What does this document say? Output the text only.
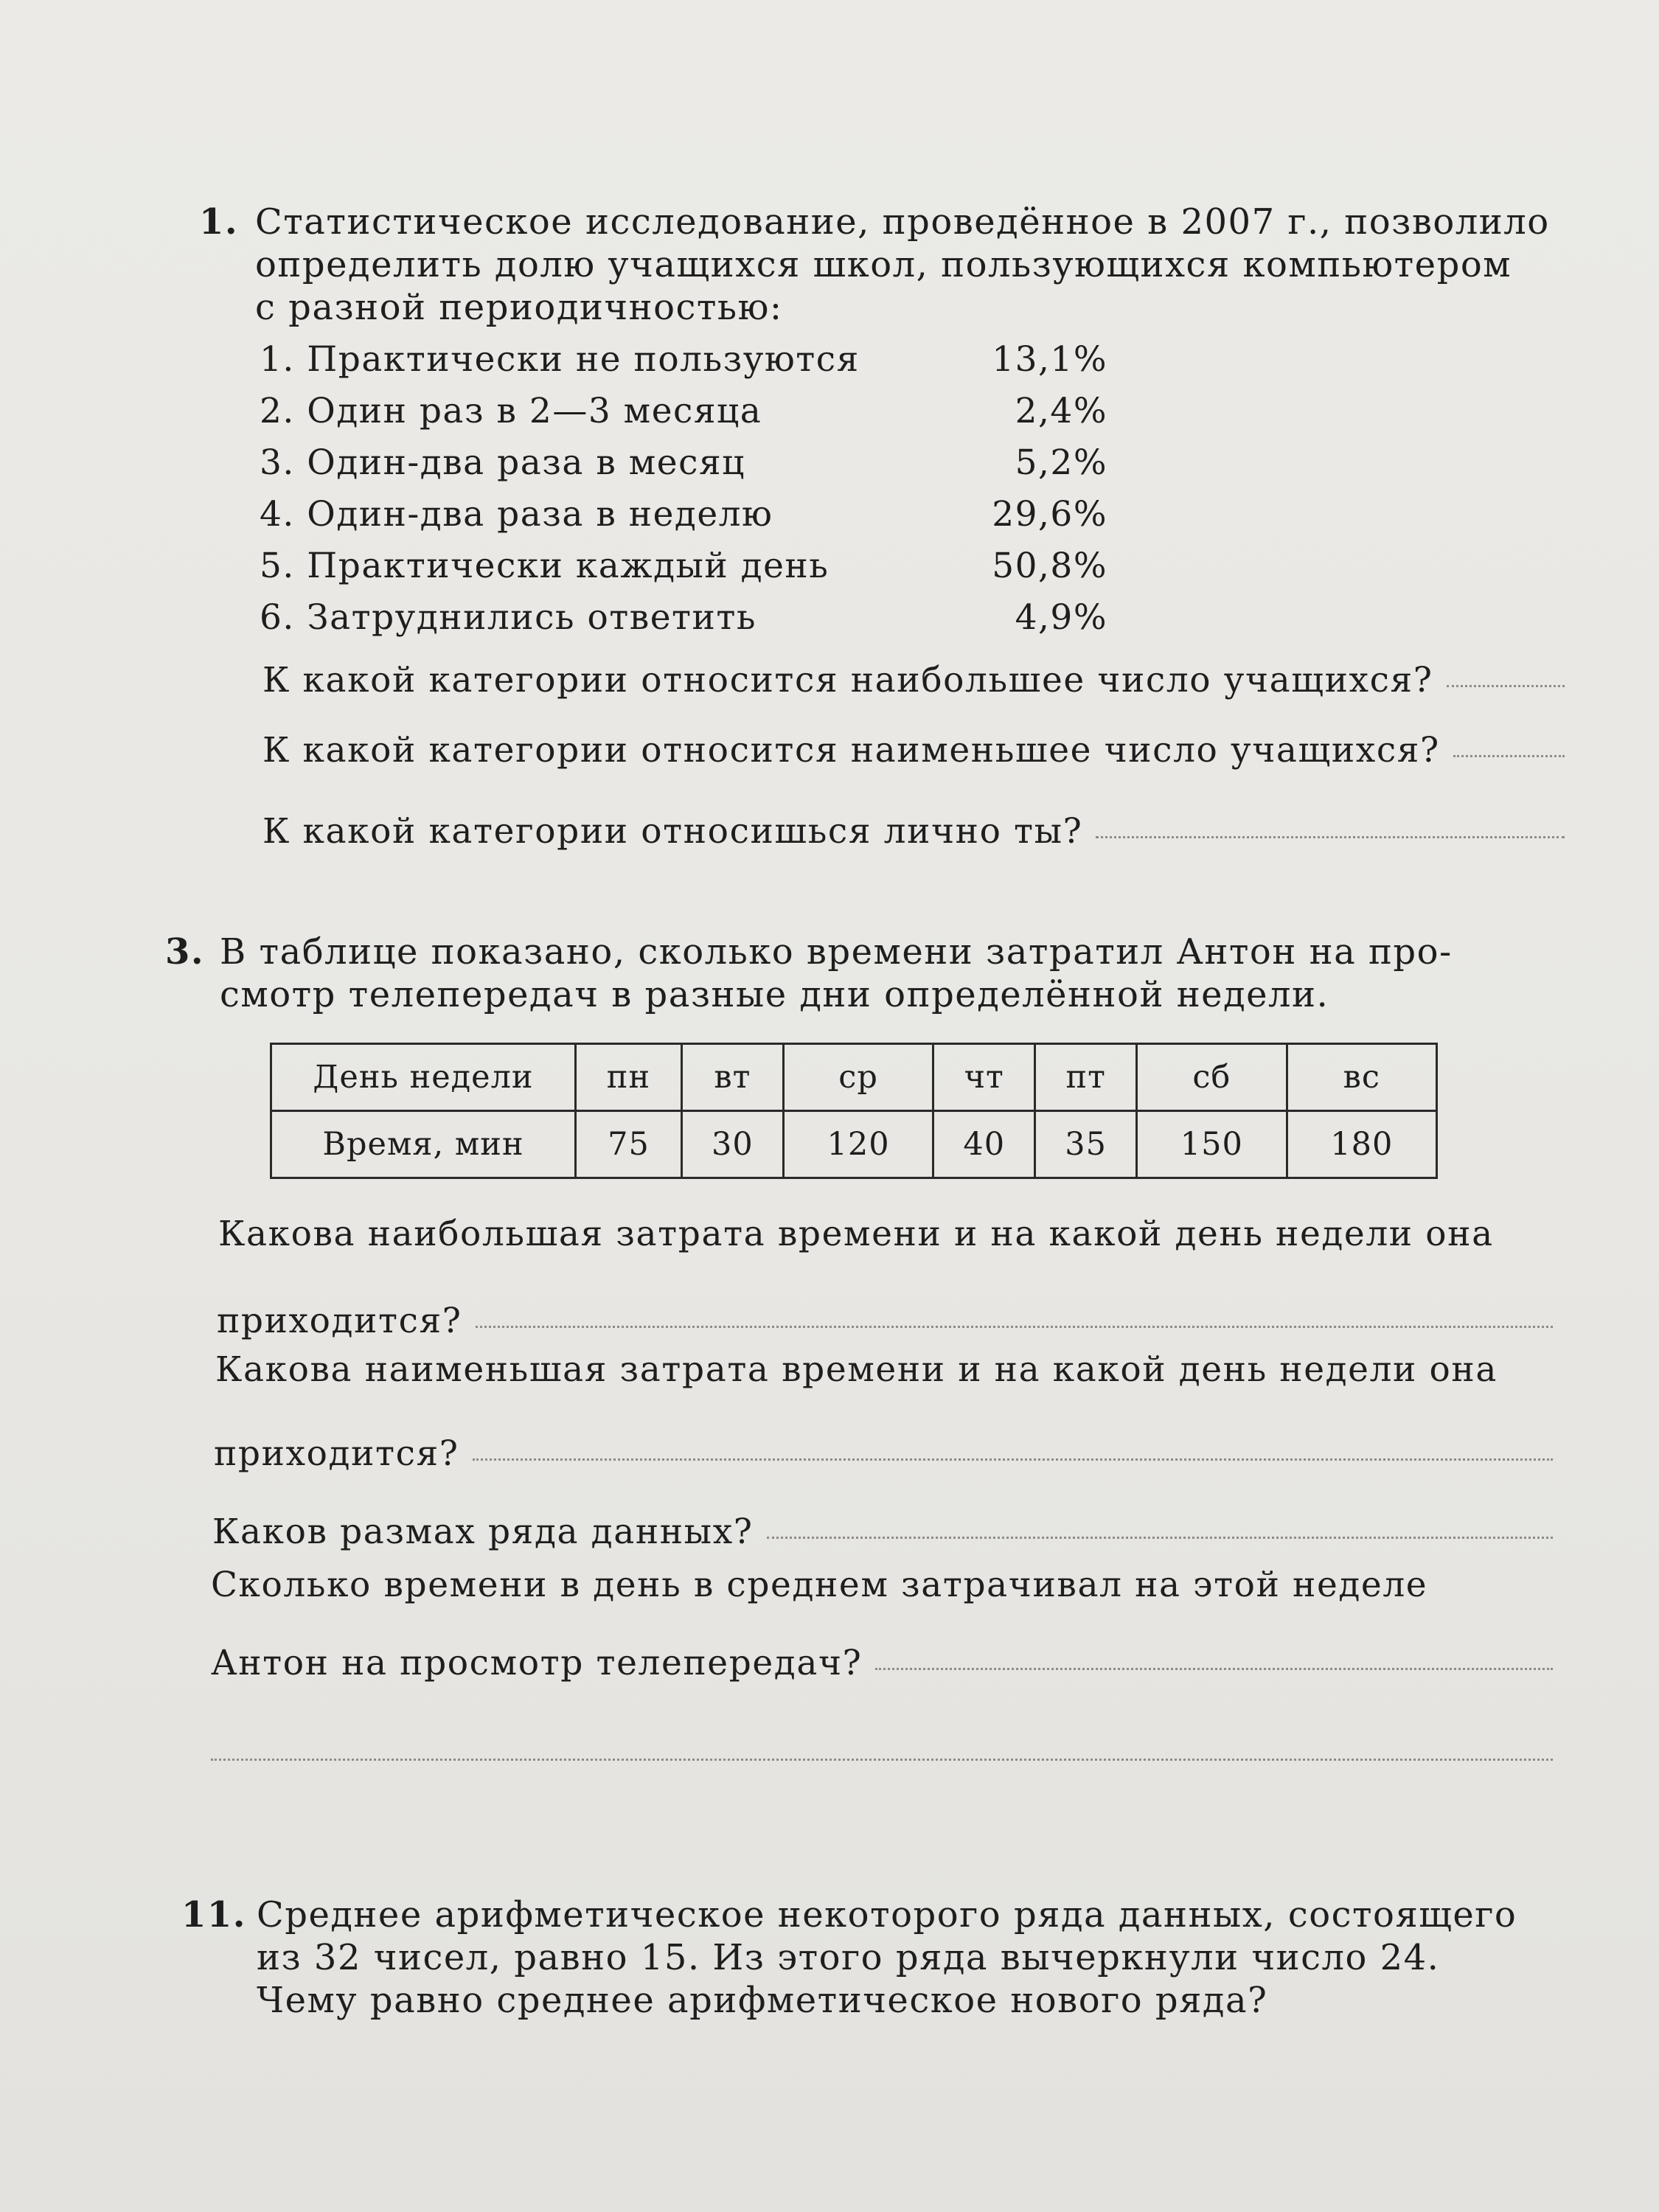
1. Статистическое исследование, проведённое в 2007 г., позволило
определить долю учащихся школ, пользующихся компьютером
с разной периодичностью:
1. Практически не пользуются	13,1%
2. Один раз в 2—3 месяца	2,4%
3. Один-два раза в месяц	5,2%
4. Один-два раза в неделю	29,6%
5. Практически каждый день	50,8%
6. Затруднились ответить	4,9%
К какой категории относится наибольшее число учащихся?
К какой категории относится наименьшее число учащихся?
К какой категории относишься лично ты?
3. В таблице показано, сколько времени затратил Антон на про-
смотр телепередач в разные дни определённой недели.
День недели	пн	вт	ср	чт	пт	сб	вс
Время, мин	75	30	120	40	35	150	180
Какова наибольшая затрата времени и на какой день недели она
приходится?
Какова наименьшая затрата времени и на какой день недели она
приходится?
Каков размах ряда данных?
Сколько времени в день в среднем затрачивал на этой неделе
Антон на просмотр телепередач?
11. Среднее арифметическое некоторого ряда данных, состоящего
из 32 чисел, равно 15. Из этого ряда вычеркнули число 24.
Чему равно среднее арифметическое нового ряда?
